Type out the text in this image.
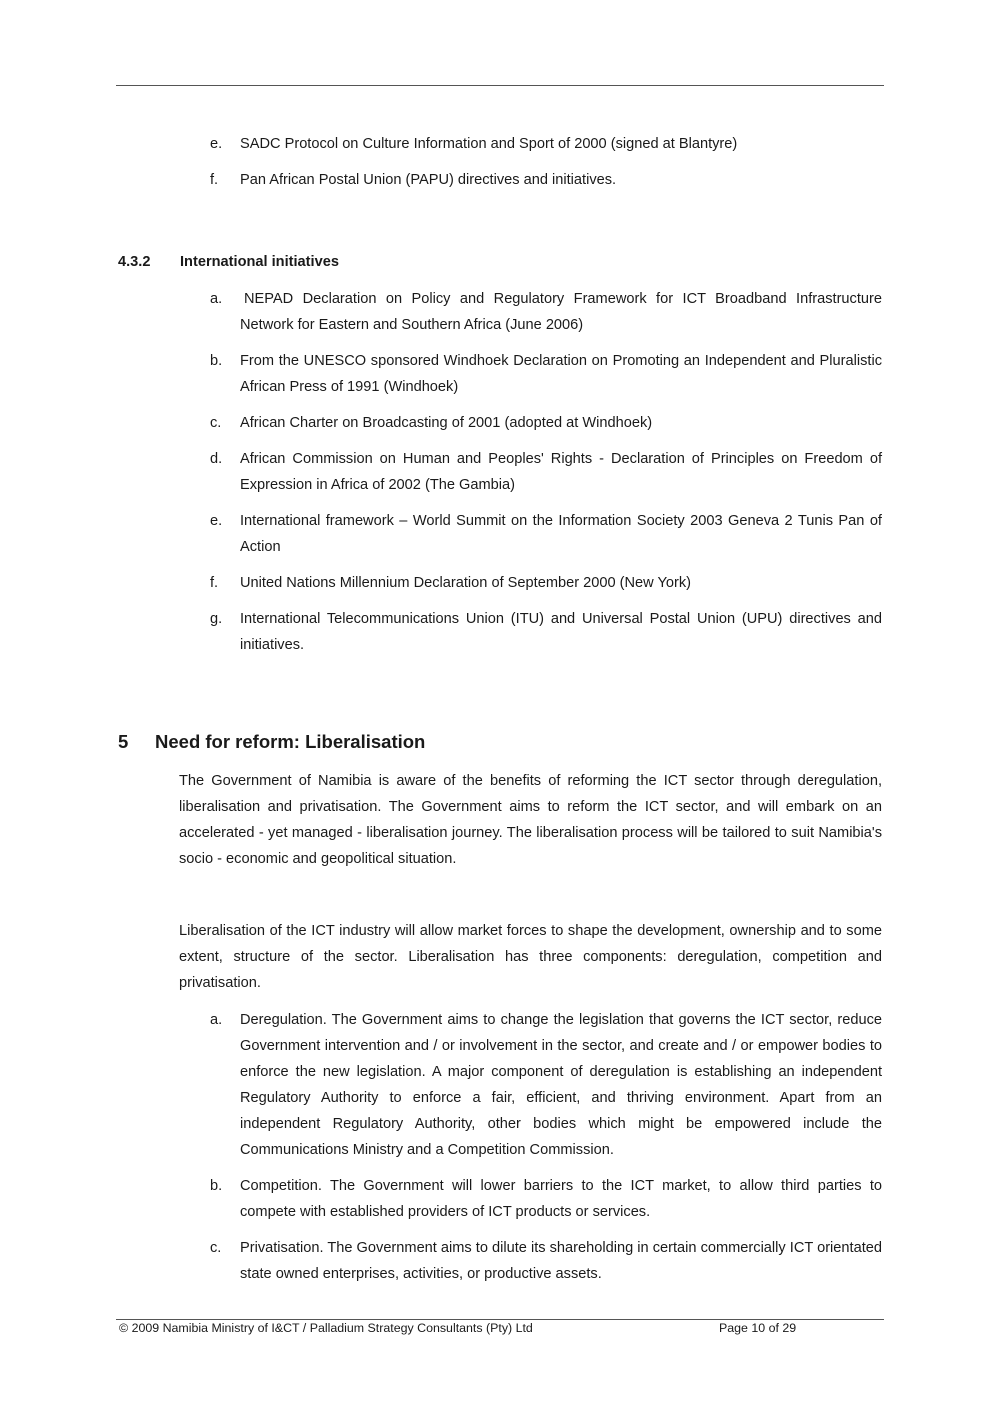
e. SADC Protocol on Culture Information and Sport of 2000 (signed at Blantyre)
f. Pan African Postal Union (PAPU) directives and initiatives.
4.3.2 International initiatives
a. NEPAD Declaration on Policy and Regulatory Framework for ICT Broadband Infrastructure Network for Eastern and Southern Africa (June 2006)
b. From the UNESCO sponsored Windhoek Declaration on Promoting an Independent and Pluralistic African Press of 1991 (Windhoek)
c. African Charter on Broadcasting of 2001 (adopted at Windhoek)
d. African Commission on Human and Peoples' Rights - Declaration of Principles on Freedom of Expression in Africa of 2002 (The Gambia)
e. International framework – World Summit on the Information Society 2003 Geneva 2 Tunis Pan of Action
f. United Nations Millennium Declaration of September 2000 (New York)
g. International Telecommunications Union (ITU) and Universal Postal Union (UPU) directives and initiatives.
5 Need for reform: Liberalisation

The Government of Namibia is aware of the benefits of reforming the ICT sector through deregulation, liberalisation and privatisation. The Government aims to reform the ICT sector, and will embark on an accelerated - yet managed - liberalisation journey. The liberalisation process will be tailored to suit Namibia's socio - economic and geopolitical situation.

Liberalisation of the ICT industry will allow market forces to shape the development, ownership and to some extent, structure of the sector. Liberalisation has three components: deregulation, competition and privatisation.

a. Deregulation. The Government aims to change the legislation that governs the ICT sector, reduce Government intervention and / or involvement in the sector, and create and / or empower bodies to enforce the new legislation. A major component of deregulation is establishing an independent Regulatory Authority to enforce a fair, efficient, and thriving environment. Apart from an independent Regulatory Authority, other bodies which might be empowered include the Communications Ministry and a Competition Commission.
b. Competition. The Government will lower barriers to the ICT market, to allow third parties to compete with established providers of ICT products or services.
c. Privatisation. The Government aims to dilute its shareholding in certain commercially ICT orientated state owned enterprises, activities, or productive assets.
© 2009 Namibia Ministry of I&CT / Palladium Strategy Consultants (Pty) Ltd	Page 10 of 29
